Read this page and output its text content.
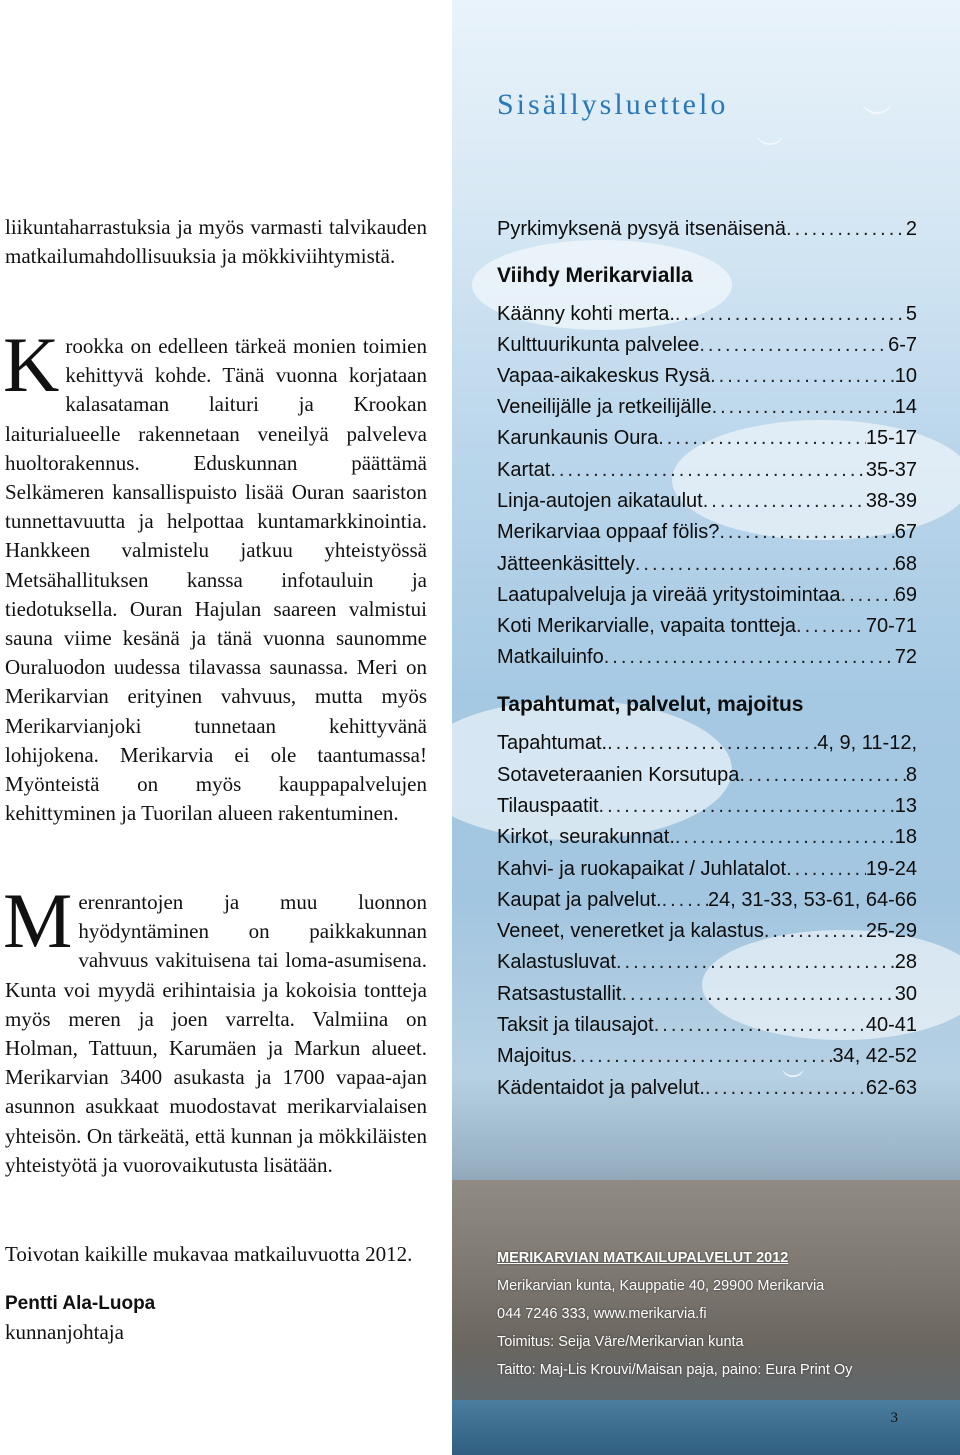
liikuntaharrastuksia ja myös varmasti talvikauden matkailumahdollisuuksia ja mökkiviihtymistä.

K rookka on edelleen tärkeä monien toimien kehittyvä kohde. Tänä vuonna korjataan kalasataman laituri ja Krookan laiturialueelle rakennetaan veneilyä palveleva huoltorakennus. Eduskunnan päättämä Selkämeren kansallispuisto lisää Ouran saariston tunnettavuutta ja helpottaa kuntamarkkinointia. Hankkeen valmistelu jatkuu yhteistyössä Metsähallituksen kanssa infotauluin ja tiedotuksella. Ouran Hajulan saareen valmistui sauna viime kesänä ja tänä vuonna saunomme Ouraluodon uudessa tilavassa saunassa. Meri on Merikarvian erityinen vahvuus, mutta myös Merikarvianjoki tunnetaan kehittyvänä lohijokena. Merikarvia ei ole taantumassa! Myönteistä on myös kauppapalvelujen kehittyminen ja Tuorilan alueen rakentuminen.
M erenrantojen ja muu luonnon hyödyntäminen on paikkakunnan vahvuus vakituisena tai loma-asumisena. Kunta voi myydä erihintaisia ja kokoisia tontteja myös meren ja joen varrelta. Valmiina on Holman, Tattuun, Karumäen ja Markun alueet. Merikarvian 3400 asukasta ja 1700 vapaa-ajan asunnon asukkaat muodostavat merikarvialaisen yhteisön. On tärkeätä, että kunnan ja mökkiläisten yhteistyötä ja vuorovaikutusta lisätään.
Toivotan kaikille mukavaa matkailuvuotta 2012.
Pentti Ala-Luopa
kunnanjohtaja
︶
︶
︶
Sisällysluettelo
Pyrkimyksenä pysyä itsenäisenä .....	2
Viihdy Merikarvialla
Käänny kohti merta. .....	5
Kulttuurikunta palvelee .....	6-7
Vapaa-aikakeskus Rysä .....	10
Veneilijälle ja retkeilijälle .....	14
Karunkaunis Oura .....	15-17
Kartat .....	35-37
Linja-autojen aikataulut .....	38-39
Merikarviaa oppaaf fölis? .....	67
Jätteenkäsittely .....	68
Laatupalveluja ja vireää yritystoimintaa .....	69
Koti Merikarvialle, vapaita tontteja .....	70-71
Matkailuinfo .....	72
Tapahtumat, palvelut, majoitus
Tapahtumat. .....	4, 9, 11-12,
Sotaveteraanien Korsutupa .....	8
Tilauspaatit .....	13
Kirkot, seurakunnat. .....	18
Kahvi- ja ruokapaikat / Juhlatalot .....	19-24
Kaupat ja palvelut. ..... 24, 31-33, 53-61, 64-66
Veneet, veneretket ja kalastus .....	25-29
Kalastusluvat .....	28
Ratsastustallit .....	30
Taksit ja tilausajot .....	40-41
Majoitus .....	34, 42-52
Kädentaidot ja palvelut. .....	62-63
MERIKARVIAN MATKAILUPALVELUT 2012
Merikarvian kunta, Kauppatie 40, 29900 Merikarvia
044 7246 333, www.merikarvia.fi
Toimitus: Seija Väre/Merikarvian kunta
Taitto: Maj-Lis Krouvi/Maisan paja, paino: Eura Print Oy
3
